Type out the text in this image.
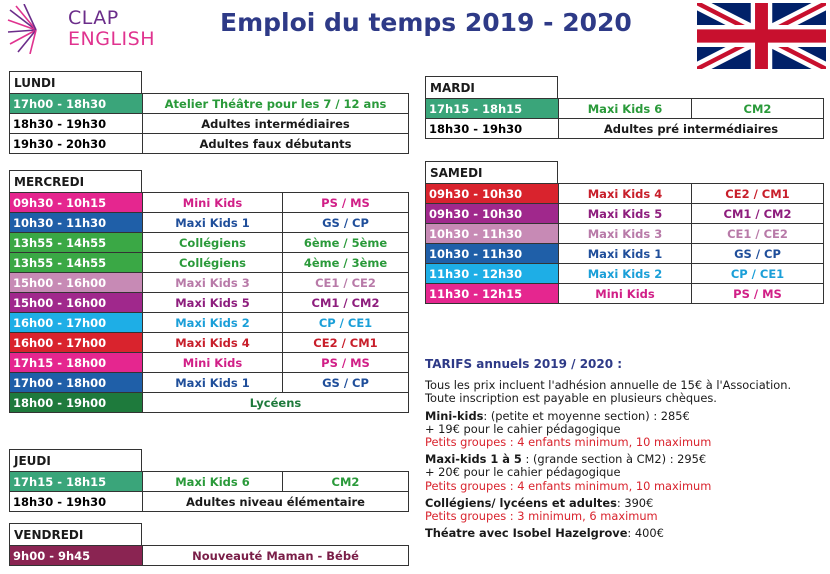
CLAP
ENGLISH
Emploi du temps 2019 - 2020
LUNDI
17h00 - 18h30	Atelier Théâtre pour les 7 / 12 ans
18h30 - 19h30	Adultes intermédiaires
19h30 - 20h30	Adultes faux débutants
MERCREDI
09h30 - 10h15	Mini Kids	PS / MS
10h30 - 11h30	Maxi Kids 1	GS / CP
13h55 - 14h55	Collégiens	6ème / 5ème
13h55 - 14h55	Collégiens	4ème / 3ème
15h00 - 16h00	Maxi Kids 3	CE1 / CE2
15h00 - 16h00	Maxi Kids 5	CM1 / CM2
16h00 - 17h00	Maxi Kids 2	CP / CE1
16h00 - 17h00	Maxi Kids 4	CE2 / CM1
17h15 - 18h00	Mini Kids	PS / MS
17h00 - 18h00	Maxi Kids 1	GS / CP
18h00 - 19h00	Lycéens	
JEUDI
17h15 - 18h15	Maxi Kids 6	CM2
18h30 - 19h30	Adultes niveau élémentaire	
VENDREDI
9h00 - 9h45	Nouveauté Maman - Bébé
MARDI
17h15 - 18h15	Maxi Kids 6	CM2
18h30 - 19h30	Adultes pré intermédiaires	
SAMEDI
09h30 - 10h30	Maxi Kids 4	CE2 / CM1
09h30 - 10h30	Maxi Kids 5	CM1 / CM2
10h30 - 11h30	Maxi Kids 3	CE1 / CE2
10h30 - 11h30	Maxi Kids 1	GS / CP
11h30 - 12h30	Maxi Kids 2	CP / CE1
11h30 - 12h15	Mini Kids	PS / MS
TARIFS annuels 2019 / 2020 :
Tous les prix incluent l'adhésion annuelle de 15€ à l'Association.
Toute inscription est payable en plusieurs chèques.
Mini-kids: (petite et moyenne section) : 285€
+ 19€ pour le cahier pédagogique
Petits groupes : 4 enfants minimum, 10 maximum
Maxi-kids 1 à 5 : (grande section à CM2) : 295€
+ 20€ pour le cahier pédagogique
Petits groupes : 4 enfants minimum, 10 maximum
Collégiens/ lycéens et adultes: 390€
Petits groupes : 3 minimum, 6 maximum
Théatre avec Isobel Hazelgrove: 400€
